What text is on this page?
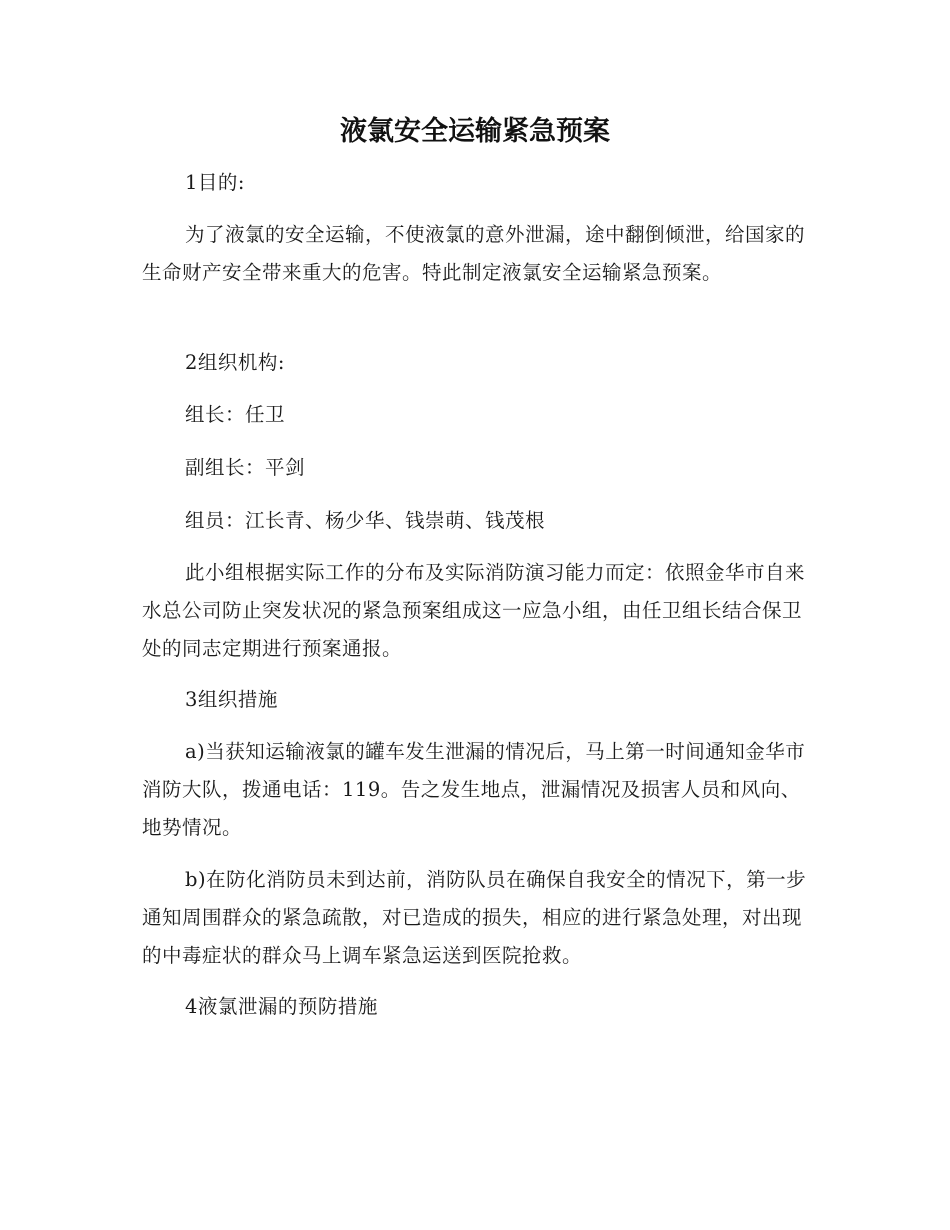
液氯安全运输紧急预案

1目的:

为了液氯的安全运输，不使液氯的意外泄漏，途中翻倒倾泄，给国家的生命财产安全带来重大的危害。特此制定液氯安全运输紧急预案。

2组织机构:

组长：任卫

副组长：平剑

组员：江长青、杨少华、钱崇萌、钱茂根

此小组根据实际工作的分布及实际消防演习能力而定：依照金华市自来水总公司防止突发状况的紧急预案组成这一应急小组，由任卫组长结合保卫处的同志定期进行预案通报。

3组织措施

a)当获知运输液氯的罐车发生泄漏的情况后，马上第一时间通知金华市消防大队，拨通电话：119。告之发生地点，泄漏情况及损害人员和风向、地势情况。

b)在防化消防员未到达前，消防队员在确保自我安全的情况下，第一步通知周围群众的紧急疏散，对已造成的损失，相应的进行紧急处理，对出现的中毒症状的群众马上调车紧急运送到医院抢救。

4液氯泄漏的预防措施
